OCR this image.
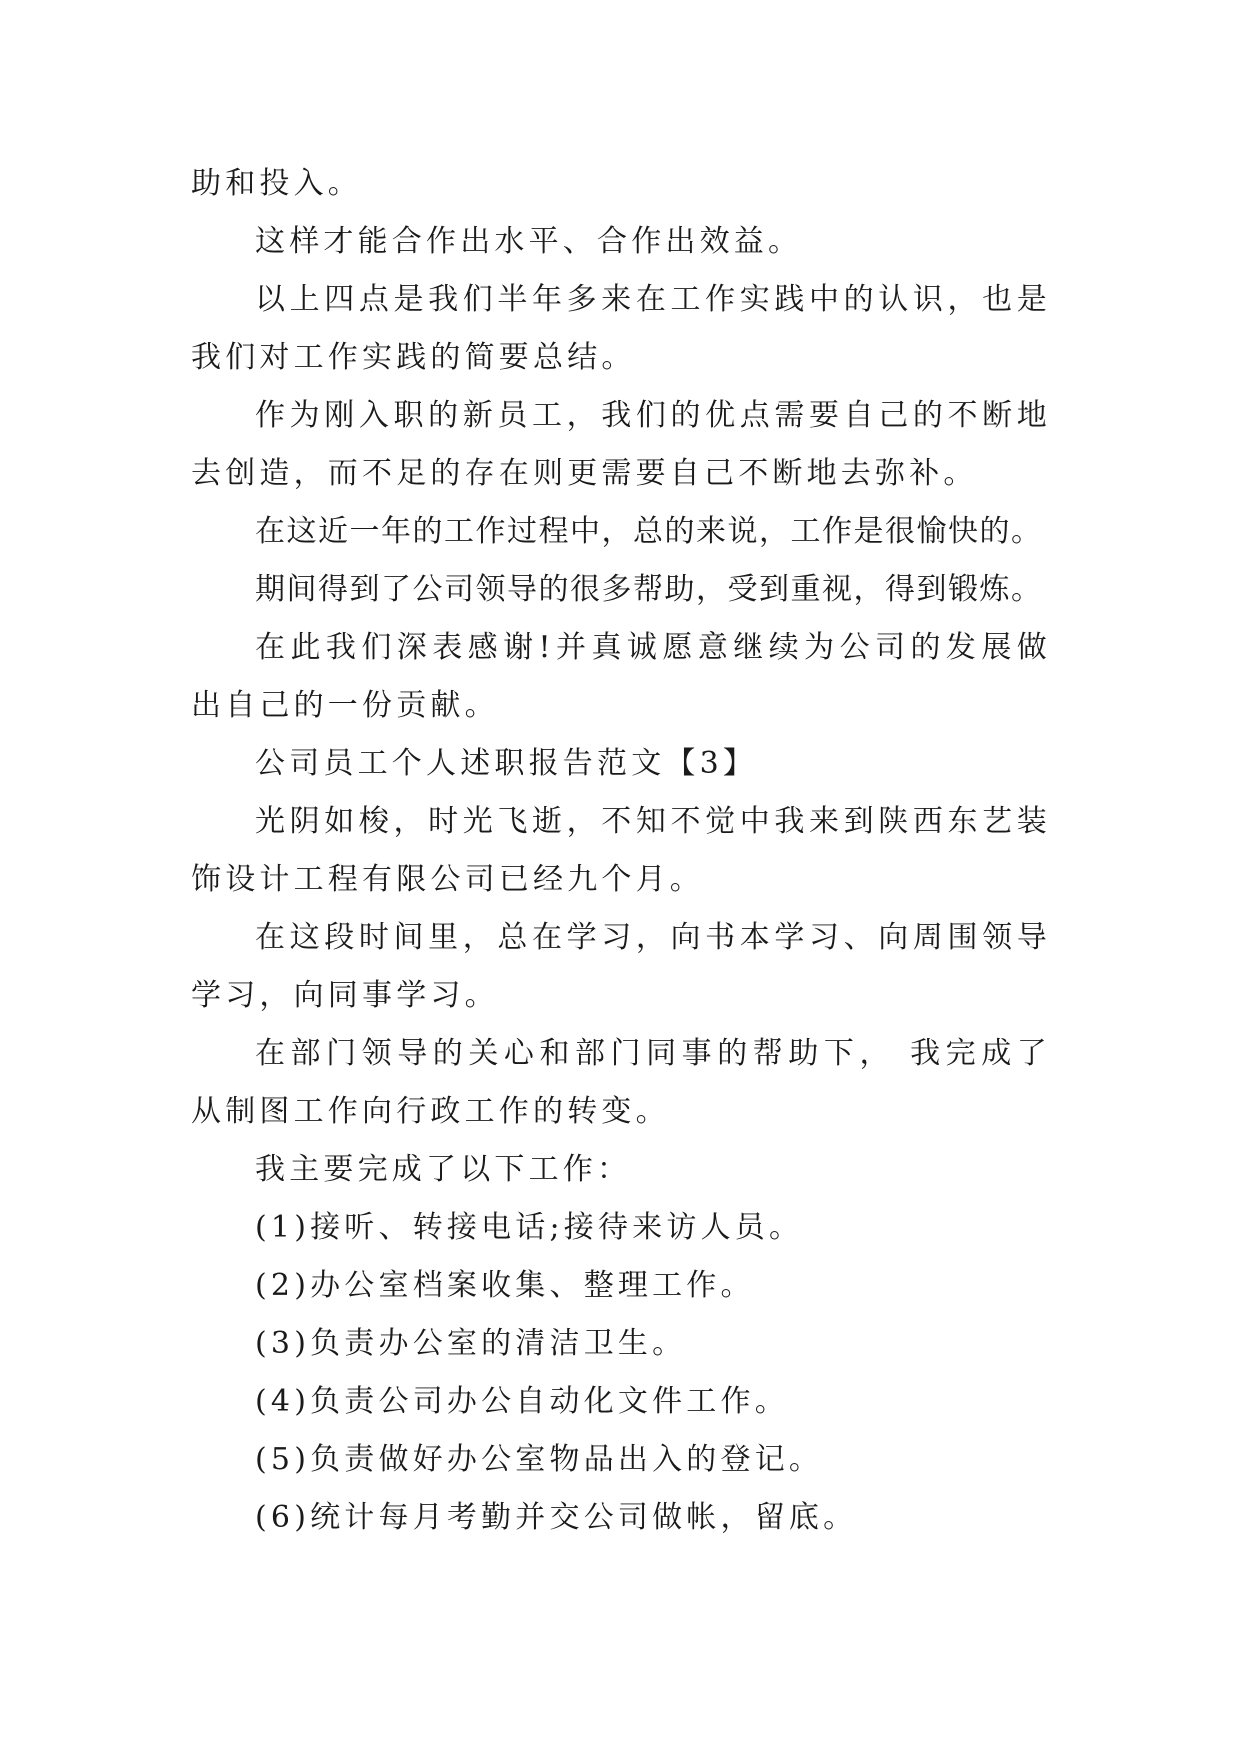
助和投入。

这样才能合作出水平、合作出效益。

以上四点是我们半年多来在工作实践中的认识，也是我们对工作实践的简要总结。

作为刚入职的新员工，我们的优点需要自己的不断地去创造，而不足的存在则更需要自己不断地去弥补。

在这近一年的工作过程中，总的来说，工作是很愉快的。

期间得到了公司领导的很多帮助，受到重视，得到锻炼。

在此我们深表感谢!并真诚愿意继续为公司的发展做出自己的一份贡献。

公司员工个人述职报告范文【3】

光阴如梭，时光飞逝，不知不觉中我来到陕西东艺装饰设计工程有限公司已经九个月。

在这段时间里，总在学习，向书本学习、向周围领导学习，向同事学习。

在部门领导的关心和部门同事的帮助下， 我完成了从制图工作向行政工作的转变。

我主要完成了以下工作：

(1)接听、转接电话;接待来访人员。

(2)办公室档案收集、整理工作。

(3)负责办公室的清洁卫生。

(4)负责公司办公自动化文件工作。

(5)负责做好办公室物品出入的登记。

(6)统计每月考勤并交公司做帐，留底。
